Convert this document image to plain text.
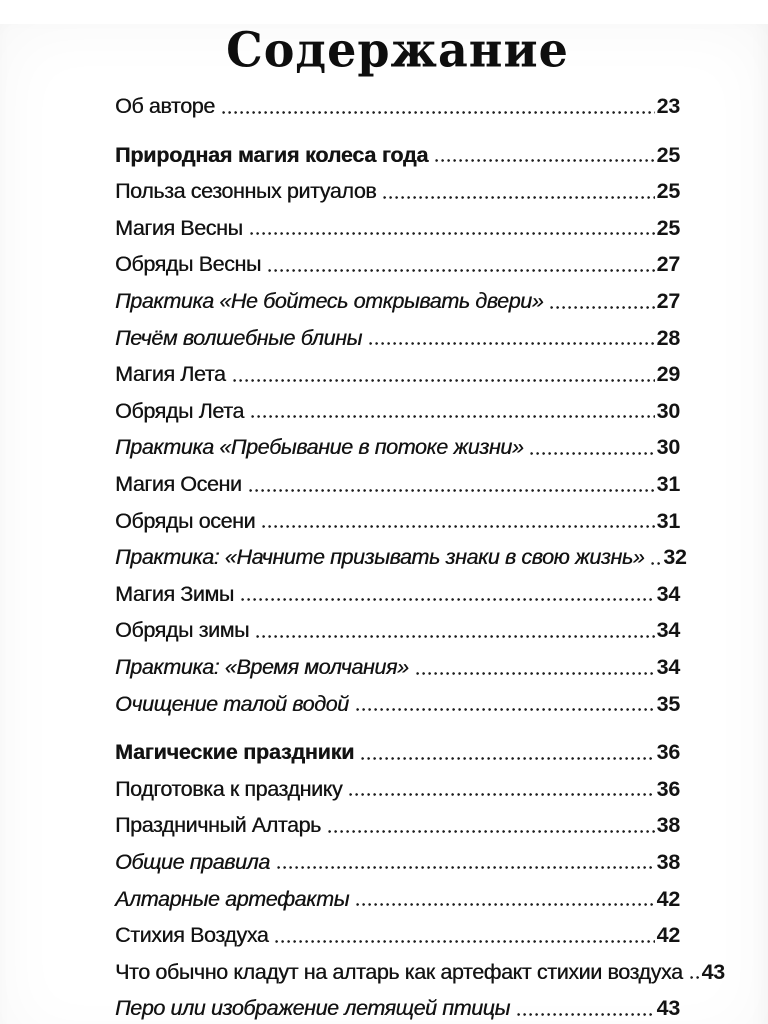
Содержание
Об авторе	23
Природная магия колеса года	25
Польза сезонных ритуалов	25
Магия Весны	25
Обряды Весны	27
Практика «Не бойтесь открывать двери»	27
Печём волшебные блины	28
Магия Лета	29
Обряды Лета	30
Практика «Пребывание в потоке жизни»	30
Магия Осени	31
Обряды осени	31
Практика: «Начните призывать знаки в свою жизнь» 32
Магия Зимы	34
Обряды зимы	34
Практика: «Время молчания»	34
Очищение талой водой	35
Магические праздники	36
Подготовка к празднику	36
Праздничный Алтарь	38
Общие правила	38
Алтарные артефакты	42
Стихия Воздуха	42
Что обычно кладут на алтарь как артефакт стихии воздуха 43
Перо или изображение летящей птицы	43
